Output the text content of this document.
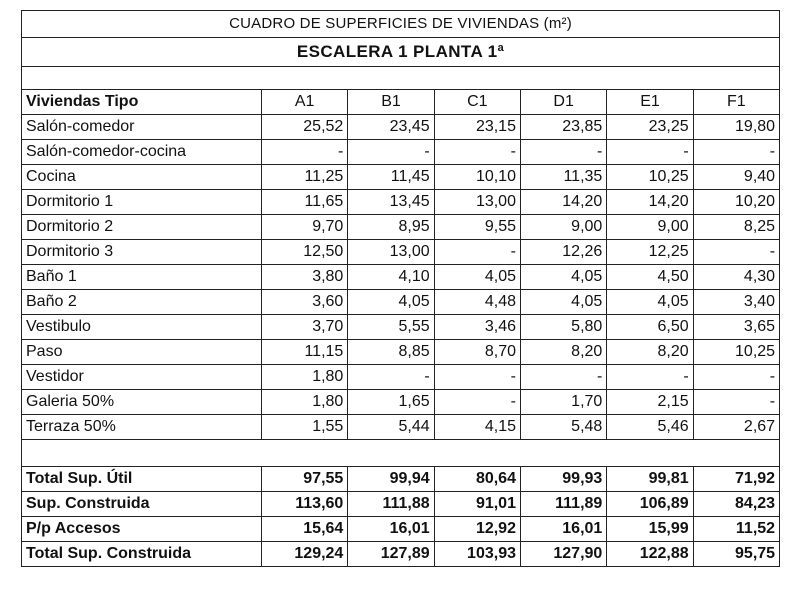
CUADRO DE SUPERFICIES DE VIVIENDAS (m²)						
ESCALERA 1 PLANTA 1ª						

Viviendas Tipo	A1	B1	C1	D1	E1	F1
Salón-comedor	25,52	23,45	23,15	23,85	23,25	19,80
Salón-comedor-cocina	-	-	-	-	-	-
Cocina	11,25	11,45	10,10	11,35	10,25	9,40
Dormitorio 1	11,65	13,45	13,00	14,20	14,20	10,20
Dormitorio 2	9,70	8,95	9,55	9,00	9,00	8,25
Dormitorio 3	12,50	13,00	-	12,26	12,25	-
Baño 1	3,80	4,10	4,05	4,05	4,50	4,30
Baño 2	3,60	4,05	4,48	4,05	4,05	3,40
Vestibulo	3,70	5,55	3,46	5,80	6,50	3,65
Paso	11,15	8,85	8,70	8,20	8,20	10,25
Vestidor	1,80	-	-	-	-	-
Galeria 50%	1,80	1,65	-	1,70	2,15	-
Terraza 50%	1,55	5,44	4,15	5,48	5,46	2,67

Total Sup. Útil	97,55	99,94	80,64	99,93	99,81	71,92
Sup. Construida	113,60	111,88	91,01	111,89	106,89	84,23
P/p Accesos	15,64	16,01	12,92	16,01	15,99	11,52
Total Sup. Construida	129,24	127,89	103,93	127,90	122,88	95,75
